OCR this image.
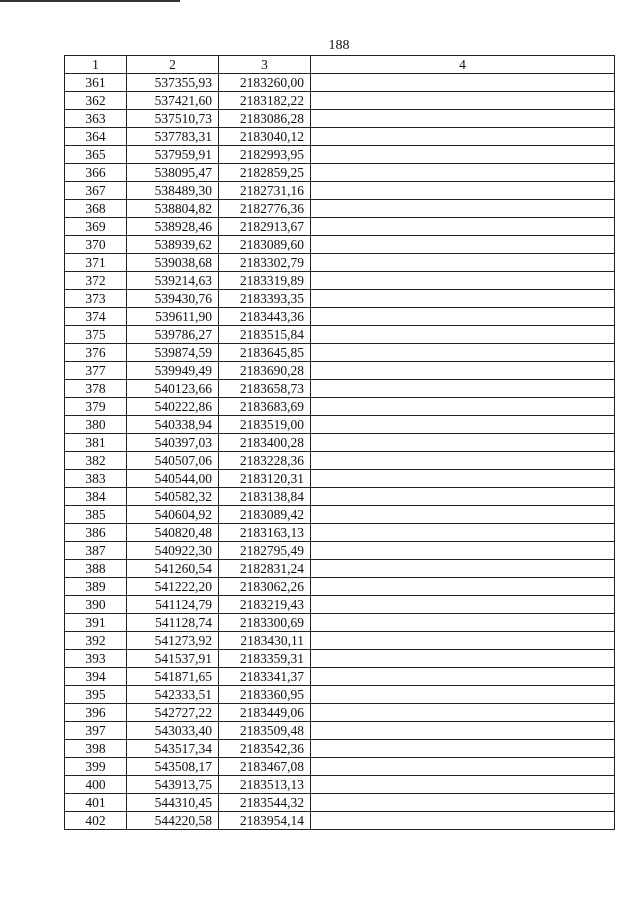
188
1	2	3	4
361	537355,93	2183260,00	
362	537421,60	2183182,22	
363	537510,73	2183086,28	
364	537783,31	2183040,12	
365	537959,91	2182993,95	
366	538095,47	2182859,25	
367	538489,30	2182731,16	
368	538804,82	2182776,36	
369	538928,46	2182913,67	
370	538939,62	2183089,60	
371	539038,68	2183302,79	
372	539214,63	2183319,89	
373	539430,76	2183393,35	
374	539611,90	2183443,36	
375	539786,27	2183515,84	
376	539874,59	2183645,85	
377	539949,49	2183690,28	
378	540123,66	2183658,73	
379	540222,86	2183683,69	
380	540338,94	2183519,00	
381	540397,03	2183400,28	
382	540507,06	2183228,36	
383	540544,00	2183120,31	
384	540582,32	2183138,84	
385	540604,92	2183089,42	
386	540820,48	2183163,13	
387	540922,30	2182795,49	
388	541260,54	2182831,24	
389	541222,20	2183062,26	
390	541124,79	2183219,43	
391	541128,74	2183300,69	
392	541273,92	2183430,11	
393	541537,91	2183359,31	
394	541871,65	2183341,37	
395	542333,51	2183360,95	
396	542727,22	2183449,06	
397	543033,40	2183509,48	
398	543517,34	2183542,36	
399	543508,17	2183467,08	
400	543913,75	2183513,13	
401	544310,45	2183544,32	
402	544220,58	2183954,14	
